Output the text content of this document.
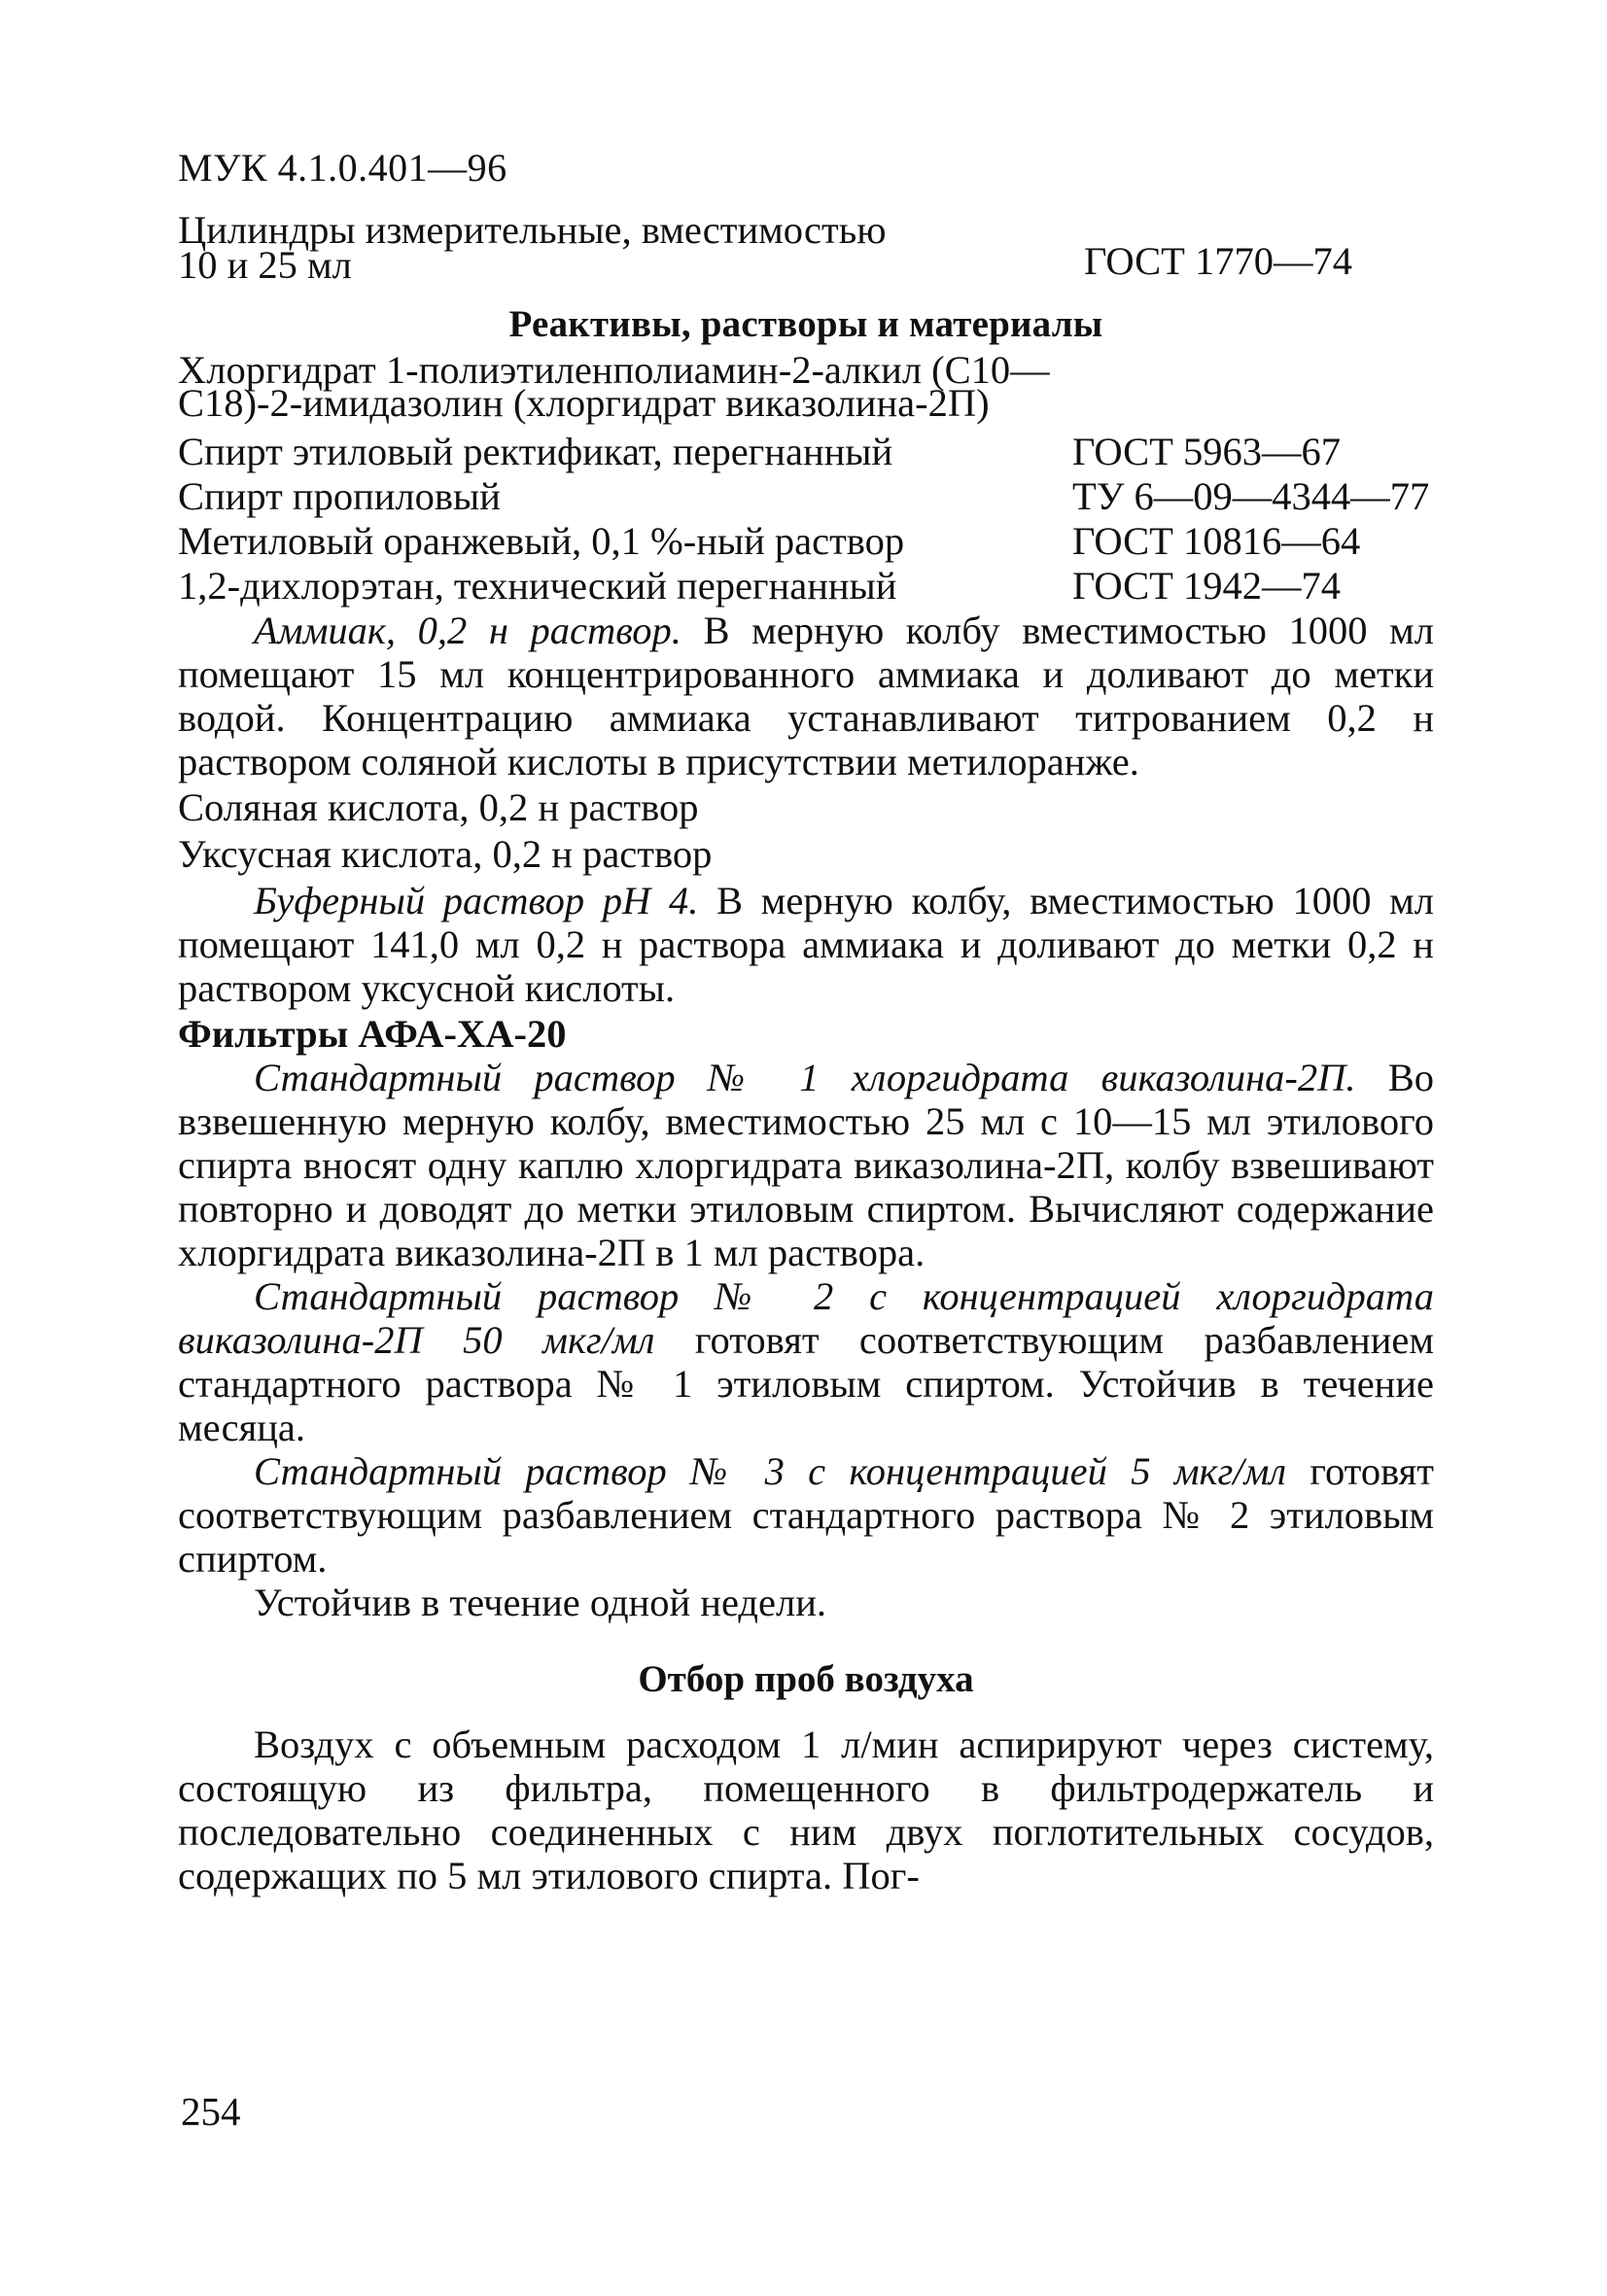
МУК 4.1.0.401—96
Цилиндры измерительные, вместимостью
10 и 25 мл	ГОСТ 1770—74
Реактивы, растворы и материалы
Хлоргидрат 1-полиэтиленполиамин-2-алкил (С10—С18)-2-имидазолин (хлоргидрат виказолина-2П)
Спирт этиловый ректификат, перегнанный	ГОСТ 5963—67
Спирт пропиловый	ТУ 6—09—4344—77
Метиловый оранжевый, 0,1 %-ный раствор	ГОСТ 10816—64
1,2-дихлорэтан, технический перегнанный	ГОСТ 1942—74

Аммиак, 0,2 н раствор. В мерную колбу вместимостью 1000 мл помещают 15 мл концентрированного аммиака и доливают до метки водой. Концентрацию аммиака устанавливают титрованием 0,2 н раствором соляной кислоты в присутствии метилоранже.

Соляная кислота, 0,2 н раствор

Уксусная кислота, 0,2 н раствор

Буферный раствор рН 4. В мерную колбу, вместимостью 1000 мл помещают 141,0 мл 0,2 н раствора аммиака и доливают до метки 0,2 н раствором уксусной кислоты.

Фильтры АФА-ХА-20

Стандартный раствор № 1 хлоргидрата виказолина-2П. Во взвешенную мерную колбу, вместимостью 25 мл с 10—15 мл этилового спирта вносят одну каплю хлоргидрата виказолина-2П, колбу взвешивают повторно и доводят до метки этиловым спиртом. Вычисляют содержание хлоргидрата виказолина-2П в 1 мл раствора.

Стандартный раствор № 2 с концентрацией хлоргидрата виказолина-2П 50 мкг/мл готовят соответствующим разбавлением стандартного раствора № 1 этиловым спиртом. Устойчив в течение месяца.

Стандартный раствор № 3 с концентрацией 5 мкг/мл готовят соответствующим разбавлением стандартного раствора № 2 этиловым спиртом.

Устойчив в течение одной недели.

Отбор проб воздуха

Воздух с объемным расходом 1 л/мин аспирируют через систему, состоящую из фильтра, помещенного в фильтродержатель и последовательно соединенных с ним двух поглотительных сосудов, содержащих по 5 мл этилового спирта. Пог-

254
